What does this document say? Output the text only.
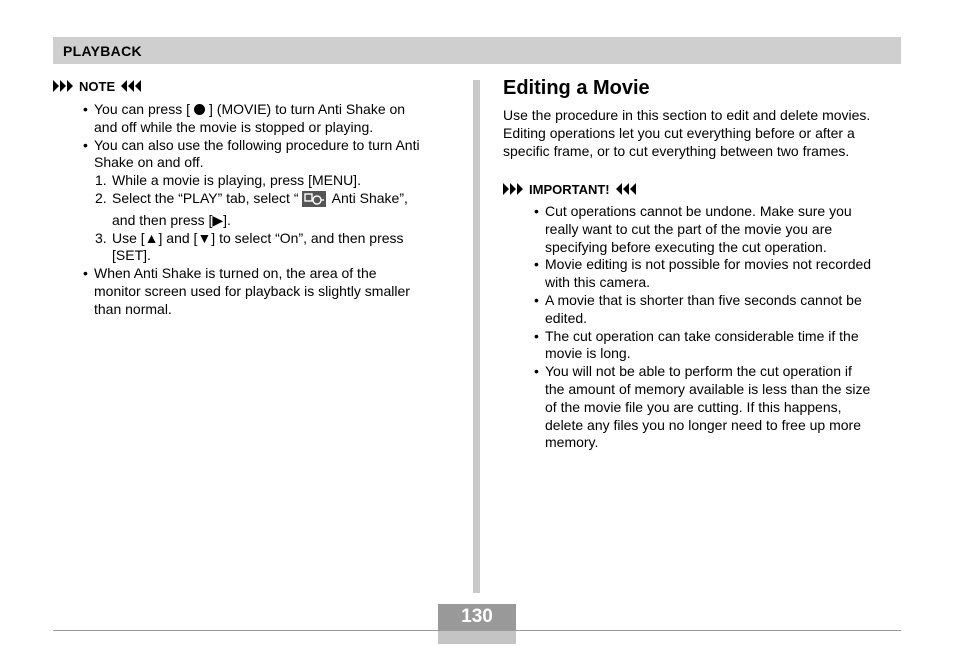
PLAYBACK
NOTE
• You can press [ ] (MOVIE) to turn Anti Shake on
and off while the movie is stopped or playing.
• You can also use the following procedure to turn Anti
Shake on and off.
1. While a movie is playing, press [MENU].
2. Select the “PLAY” tab, select “ Anti Shake”,
and then press [▶].
3. Use [▲] and [▼] to select “On”, and then press
[SET].
• When Anti Shake is turned on, the area of the
monitor screen used for playback is slightly smaller
than normal.
Editing a Movie
Use the procedure in this section to edit and delete movies.
Editing operations let you cut everything before or after a
specific frame, or to cut everything between two frames.
IMPORTANT!
• Cut operations cannot be undone. Make sure you
really want to cut the part of the movie you are
specifying before executing the cut operation.
• Movie editing is not possible for movies not recorded
with this camera.
• A movie that is shorter than five seconds cannot be
edited.
• The cut operation can take considerable time if the
movie is long.
• You will not be able to perform the cut operation if
the amount of memory available is less than the size
of the movie file you are cutting. If this happens,
delete any files you no longer need to free up more
memory.
130
